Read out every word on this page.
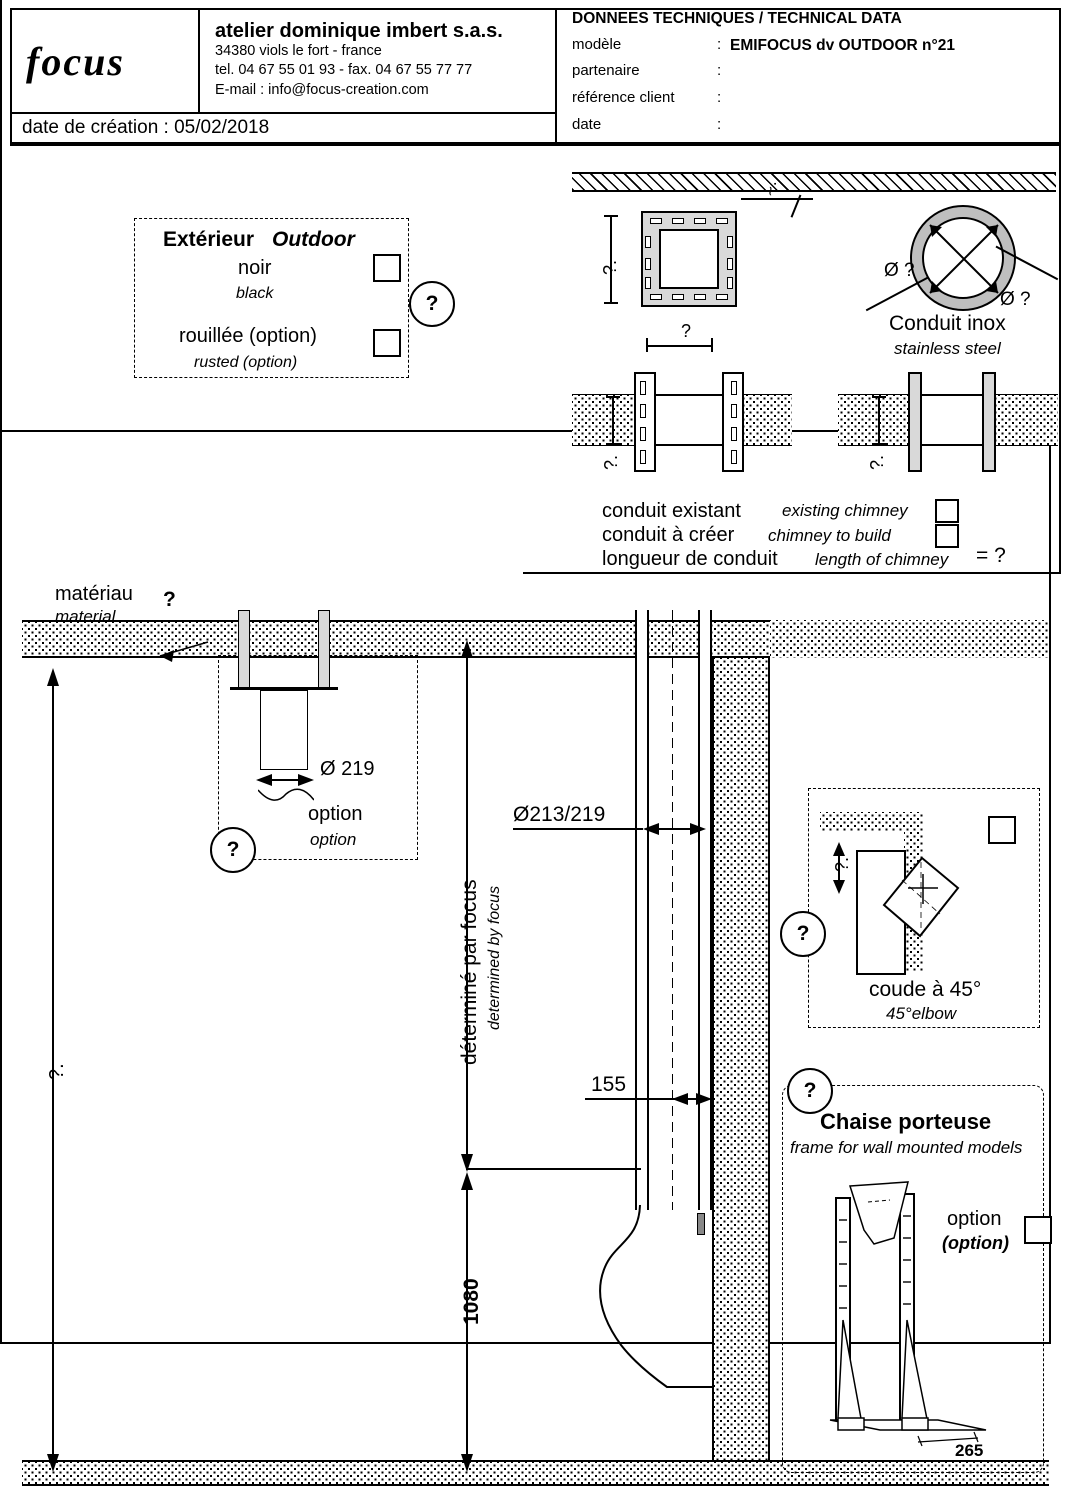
focus
atelier dominique imbert s.a.s.
34380 viols le fort - france
tel. 04 67 55 01 93 - fax. 04 67 55 77 77
E-mail : info@focus-creation.com
date de création : 05/02/2018
DONNEES TECHNIQUES / TECHNICAL DATA
modèle	: EMIFOCUS dv OUTDOOR n°21
partenaire	:
référence client	:
date	:
Extérieur Outdoor
noir
black
rouillée (option)
rusted (option)
?
?.
?
~.
Ø ?
Ø ?
Conduit inox
stainless steel
?.	?.
conduit existant existing chimney
conduit à créer chimney to build
longueur de conduit length of chimney = ?
matériau
material
?
?.
Ø 219
option
option
?
Ø213/219
déterminé par focus determined by focus
155
1080
?.
coude à 45°
45°elbow
?
?
Chaise porteuse
frame for wall mounted models
265
option
(option)
